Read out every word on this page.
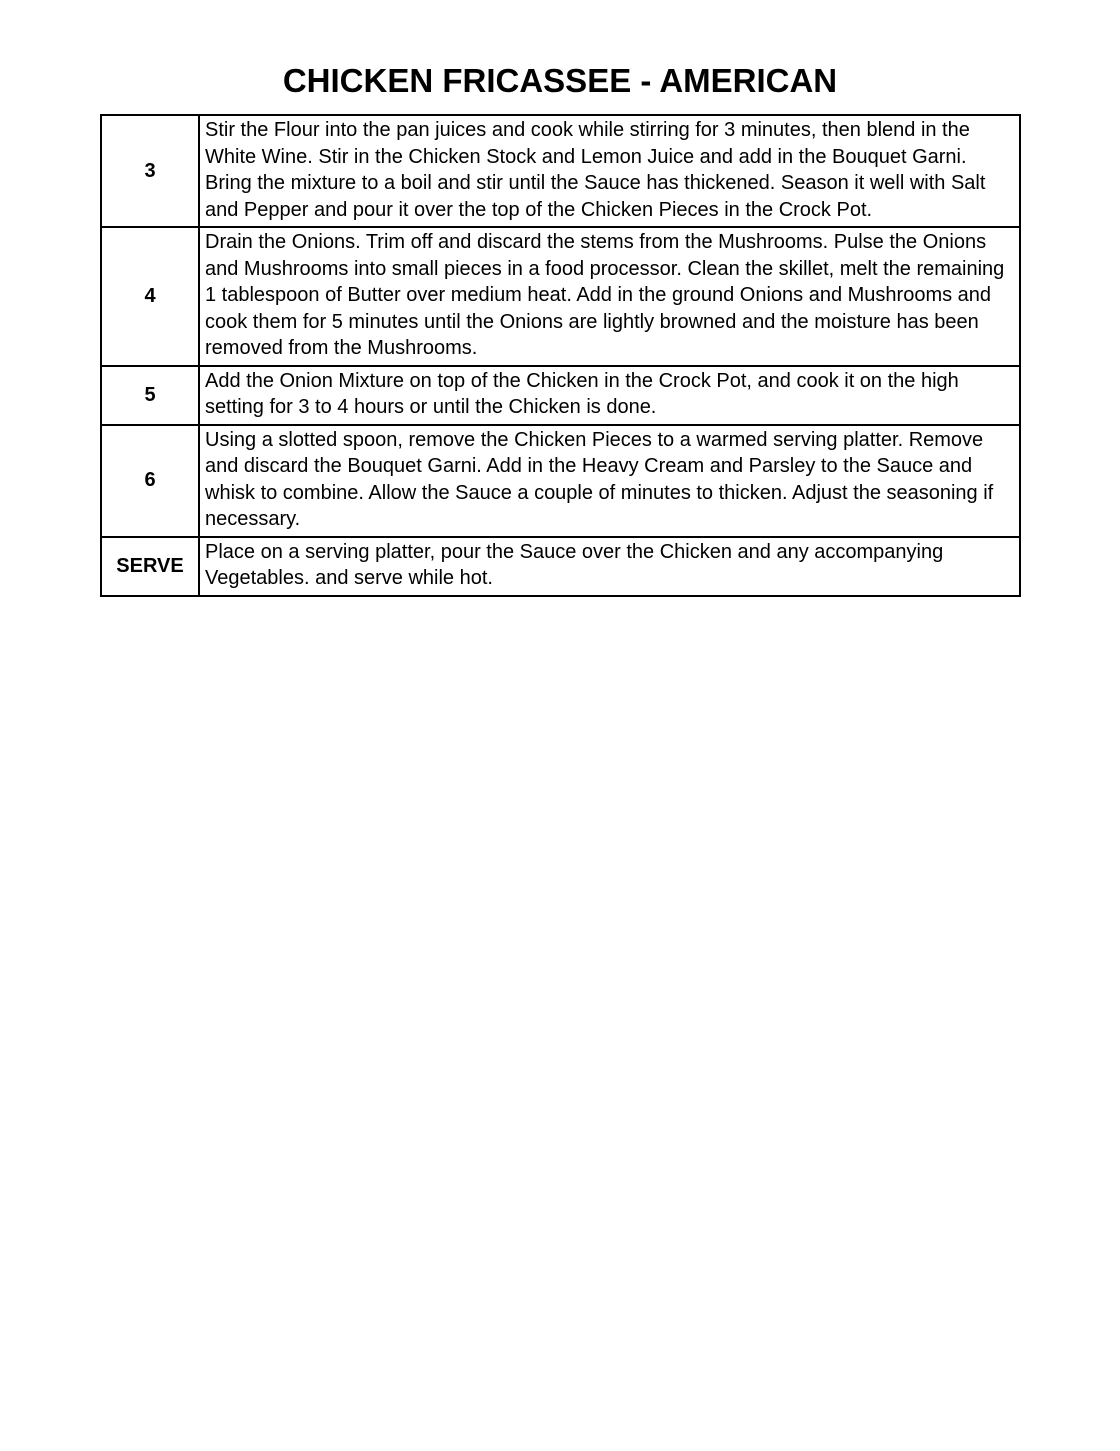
CHICKEN FRICASSEE - AMERICAN
3	Stir the Flour into the pan juices and cook while stirring for 3 minutes, then blend in the White Wine. Stir in the Chicken Stock and Lemon Juice and add in the Bouquet Garni. Bring the mixture to a boil and stir until the Sauce has thickened. Season it well with Salt and Pepper and pour it over the top of the Chicken Pieces in the Crock Pot.
4	Drain the Onions. Trim off and discard the stems from the Mushrooms. Pulse the Onions and Mushrooms into small pieces in a food processor. Clean the skillet, melt the remaining 1 tablespoon of Butter over medium heat. Add in the ground Onions and Mushrooms and cook them for 5 minutes until the Onions are lightly browned and the moisture has been removed from the Mushrooms.
5	Add the Onion Mixture on top of the Chicken in the Crock Pot, and cook it on the high setting for 3 to 4 hours or until the Chicken is done.
6	Using a slotted spoon, remove the Chicken Pieces to a warmed serving platter. Remove and discard the Bouquet Garni. Add in the Heavy Cream and Parsley to the Sauce and whisk to combine. Allow the Sauce a couple of minutes to thicken. Adjust the seasoning if necessary.
SERVE	Place on a serving platter, pour the Sauce over the Chicken and any accompanying Vegetables. and serve while hot.
